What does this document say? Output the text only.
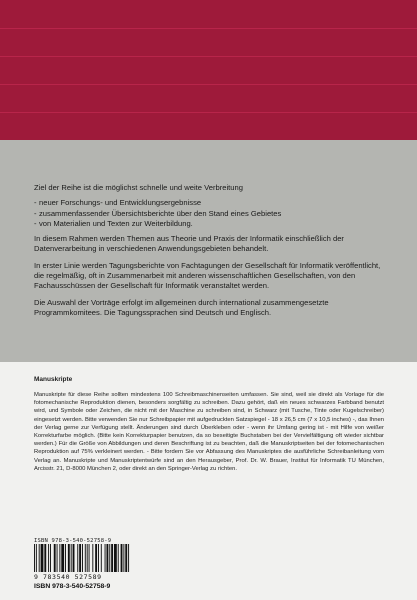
Ziel der Reihe ist die möglichst schnelle und weite Verbreitung

- neuer Forschungs- und Entwicklungsergebnisse
- zusammenfassender Übersichtsberichte über den Stand eines Gebietes
- von Materialien und Texten zur Weiterbildung.

In diesem Rahmen werden Themen aus Theorie und Praxis der Informatik einschließlich der Datenverarbeitung in verschiedenen Anwendungsgebieten behandelt.

In erster Linie werden Tagungsberichte von Fachtagungen der Gesellschaft für Informatik veröffentlicht, die regelmäßig, oft in Zusammenarbeit mit anderen wissenschaftlichen Gesellschaften, von den Fachausschüssen der Gesellschaft für Informatik veranstaltet werden.

Die Auswahl der Vorträge erfolgt im allgemeinen durch international zusammengesetzte Programmkomitees. Die Tagungssprachen sind Deutsch und Englisch.

Manuskripte

Manuskripte für diese Reihe sollten mindestens 100 Schreibmaschinenseiten umfassen. Sie sind, weil sie direkt als Vorlage für die fotomechanische Reproduktion dienen, besonders sorgfältig zu schreiben. Dazu gehört, daß ein neues schwarzes Farbband benutzt wird, und Symbole oder Zeichen, die nicht mit der Maschine zu schreiben sind, in Schwarz (mit Tusche, Tinte oder Kugelschreiber) eingesetzt werden. Bitte verwenden Sie nur Schreibpapier mit aufgedruckten Satzspiegel - 18 x 26,5 cm (7 x 10,5 inches) -, das Ihnen der Verlag gerne zur Verfügung stellt. Änderungen sind durch Überkleben oder - wenn ihr Umfang gering ist - mit Hilfe von weißer Korrekturfarbe möglich. (Bitte kein Korrekturpapier benutzen, da so beseitigte Buchstaben bei der Vervielfältigung oft wieder sichtbar werden.) Für die Größe von Abbildungen und deren Beschriftung ist zu beachten, daß die Manuskriptseiten bei der fotomechanischen Reproduktion auf 75% verkleinert werden. - Bitte fordern Sie vor Abfassung des Manuskriptes die ausführliche Schreibanleitung vom Verlag an. Manuskripte und Manuskriptentwürfe sind an den Herausgeber, Prof. Dr. W. Brauer, Institut für Informatik TU München, Arcisstr. 21, D-8000 München 2, oder direkt an den Springer-Verlag zu richten.

ISBN 978-3-540-52758-9
9 783540 527589
ISBN 978-3-540-52758-9
